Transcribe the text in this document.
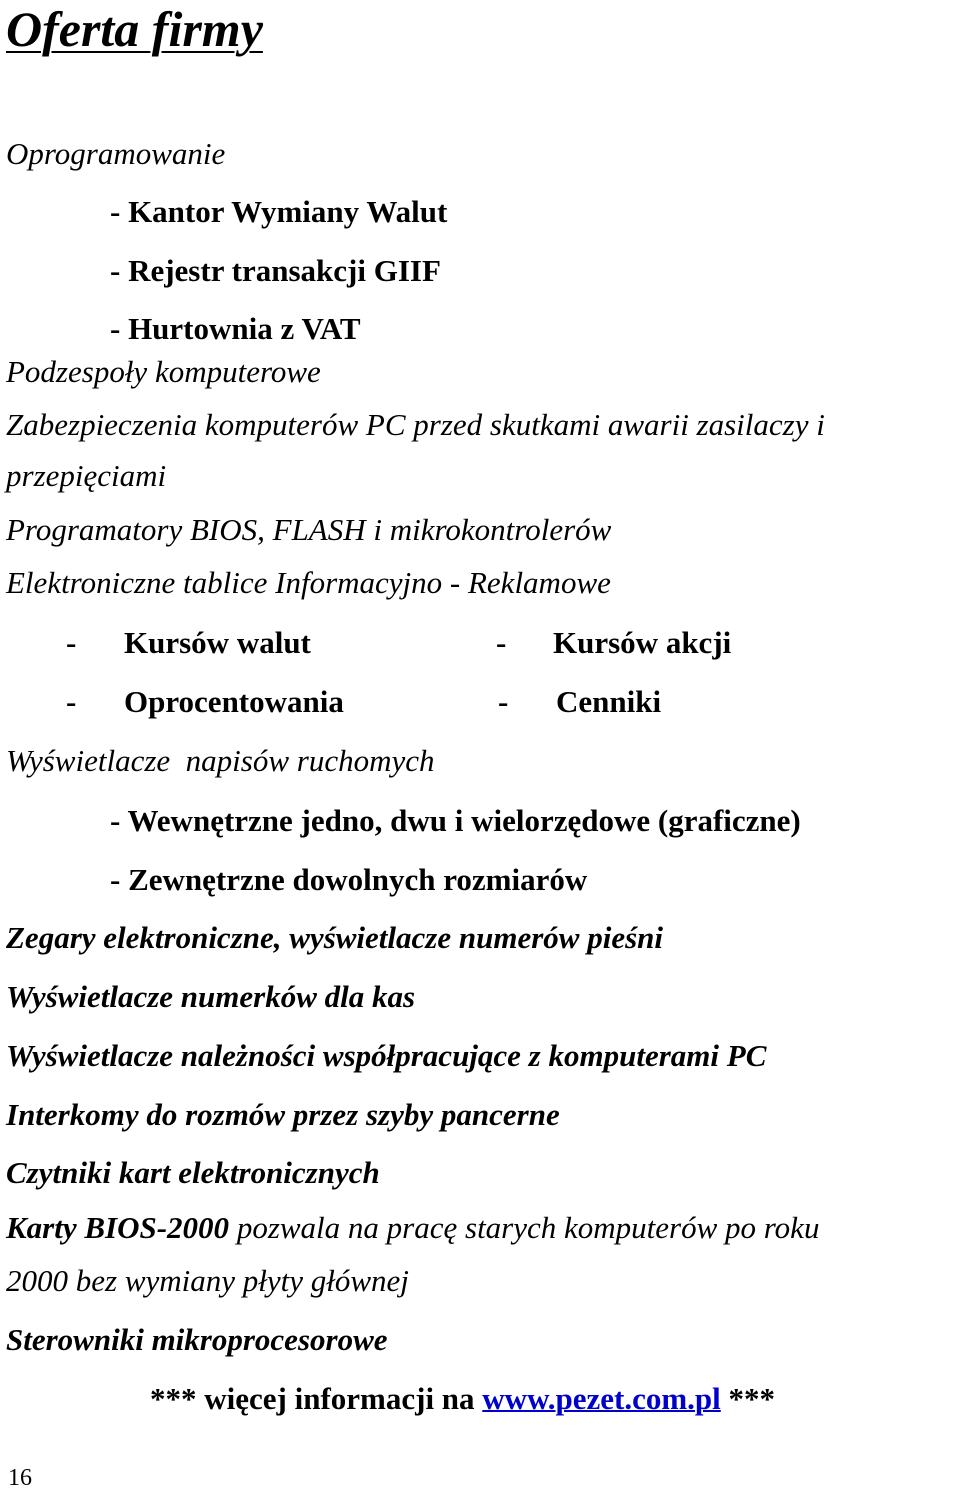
Oferta firmy
Oprogramowanie
- Kantor Wymiany Walut
- Rejestr transakcji GIIF
- Hurtownia z VAT
Podzespoły komputerowe
Zabezpieczenia komputerów PC przed skutkami awarii zasilaczy i
przepięciami
Programatory BIOS, FLASH i mikrokontrolerów
Elektroniczne tablice Informacyjno - Reklamowe
- Kursów walut	- Kursów akcji
- Oprocentowania	- Cenniki
Wyświetlacze  napisów ruchomych
- Wewnętrzne jedno, dwu i wielorzędowe (graficzne)
- Zewnętrzne dowolnych rozmiarów
Zegary elektroniczne, wyświetlacze numerów pieśni
Wyświetlacze numerków dla kas
Wyświetlacze należności współpracujące z komputerami PC
Interkomy do rozmów przez szyby pancerne
Czytniki kart elektronicznych
Karty BIOS-2000 pozwala na pracę starych komputerów po roku
2000 bez wymiany płyty głównej
Sterowniki mikroprocesorowe
*** więcej informacji na www.pezet.com.pl ***
16
